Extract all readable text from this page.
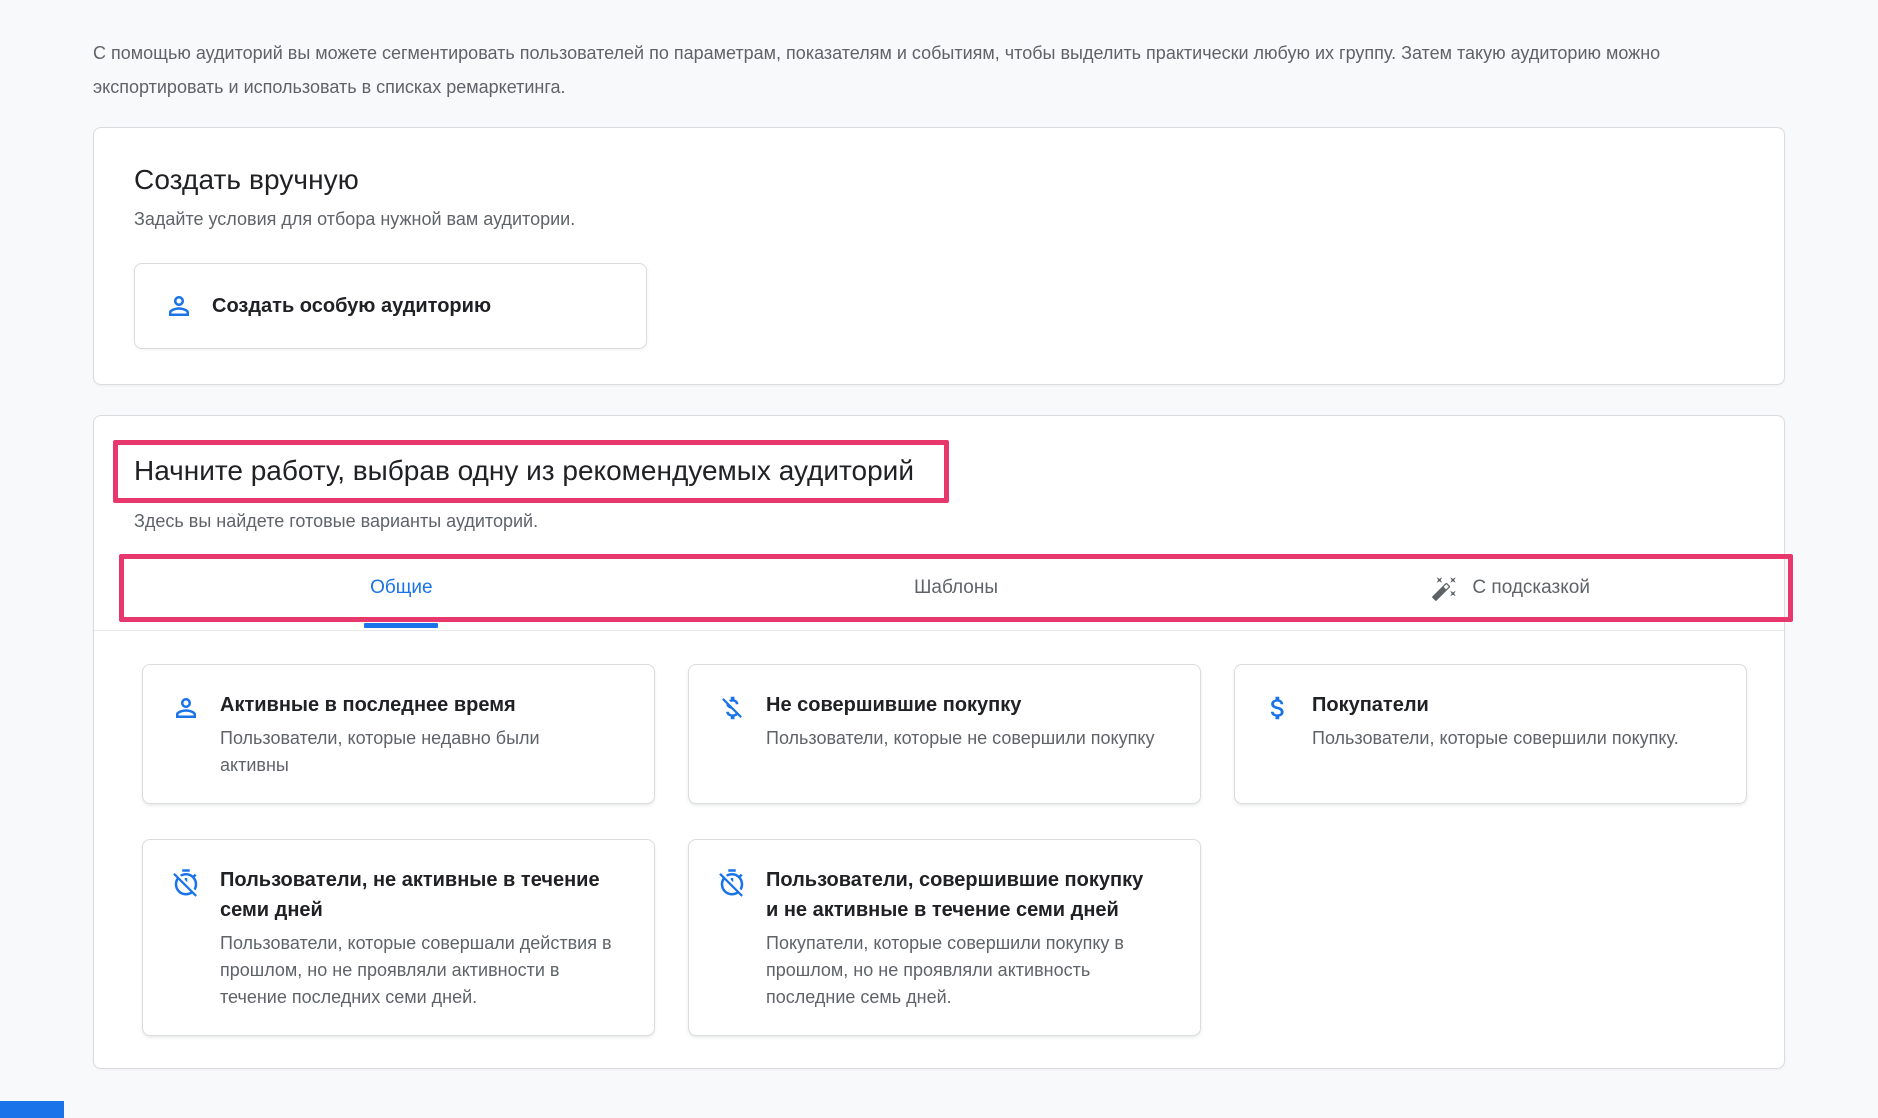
С помощью аудиторий вы можете сегментировать пользователей по параметрам, показателям и событиям, чтобы выделить практически любую их группу. Затем такую аудиторию можно экспортировать и использовать в списках ремаркетинга.

Создать вручную
Задайте условия для отбора нужной вам аудитории.
Создать особую аудиторию
Начните работу, выбрав одну из рекомендуемых аудиторий
Здесь вы найдете готовые варианты аудиторий.
Общие	Шаблоны	С подсказкой
Активные в последнее время
Пользователи, которые недавно были активны
Не совершившие покупку
Пользователи, которые не совершили покупку
Покупатели
Пользователи, которые совершили покупку.
Пользователи, не активные в течение семи дней
Пользователи, которые совершали действия в прошлом, но не проявляли активности в течение последних семи дней.
Пользователи, совершившие покупку и не активные в течение семи дней
Покупатели, которые совершили покупку в прошлом, но не проявляли активность последние семь дней.
